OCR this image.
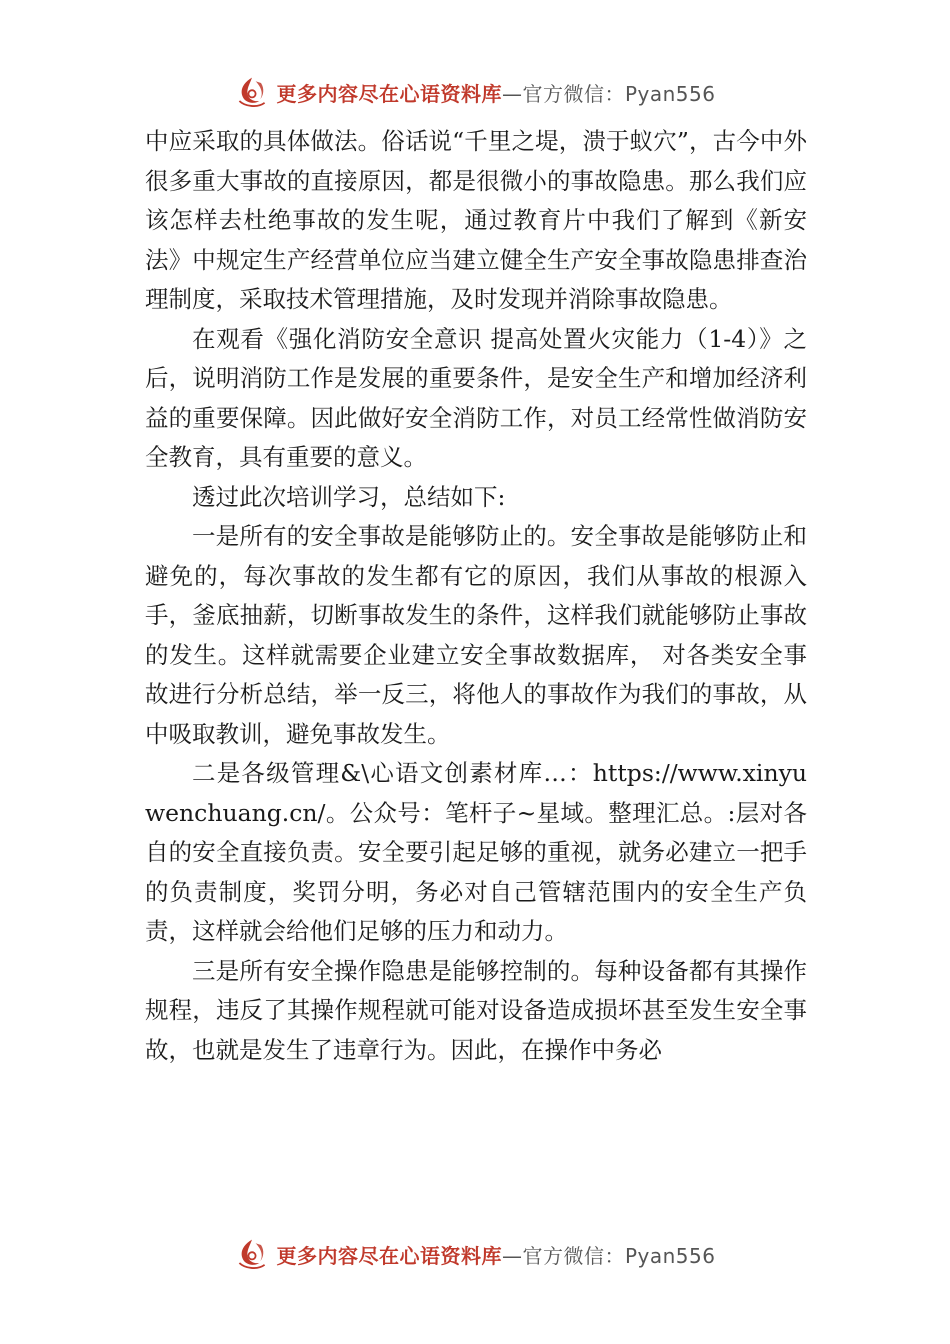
更多内容尽在心语资料库—官方微信：Pyan556

中应采取的具体做法。俗话说“千里之堤，溃于蚁穴”，古今中外很多重大事故的直接原因，都是很微小的事故隐患。那么我们应该怎样去杜绝事故的发生呢，通过教育片中我们了解到《新安法》中规定生产经营单位应当建立健全生产安全事故隐患排查治理制度，采取技术管理措施，及时发现并消除事故隐患。

在观看《强化消防安全意识 提高处置火灾能力（1-4）》之后，说明消防工作是发展的重要条件，是安全生产和增加经济利益的重要保障。因此做好安全消防工作，对员工经常性做消防安全教育，具有重要的意义。

透过此次培训学习，总结如下:

一是所有的安全事故是能够防止的。安全事故是能够防止和避免的，每次事故的发生都有它的原因，我们从事故的根源入手，釜底抽薪，切断事故发生的条件，这样我们就能够防止事故的发生。这样就需要企业建立安全事故数据库， 对各类安全事故进行分析总结，举一反三，将他人的事故作为我们的事故，从中吸取教训，避免事故发生。

二是各级管理&\心语文创素材库…：https://www.xinyuwenchuang.cn/。公众号：笔杆子~星域。整理汇总。:层对各自的安全直接负责。安全要引起足够的重视，就务必建立一把手的负责制度，奖罚分明，务必对自己管辖范围内的安全生产负责，这样就会给他们足够的压力和动力。

三是所有安全操作隐患是能够控制的。每种设备都有其操作规程，违反了其操作规程就可能对设备造成损坏甚至发生安全事故，也就是发生了违章行为。因此，在操作中务必

更多内容尽在心语资料库—官方微信：Pyan556
